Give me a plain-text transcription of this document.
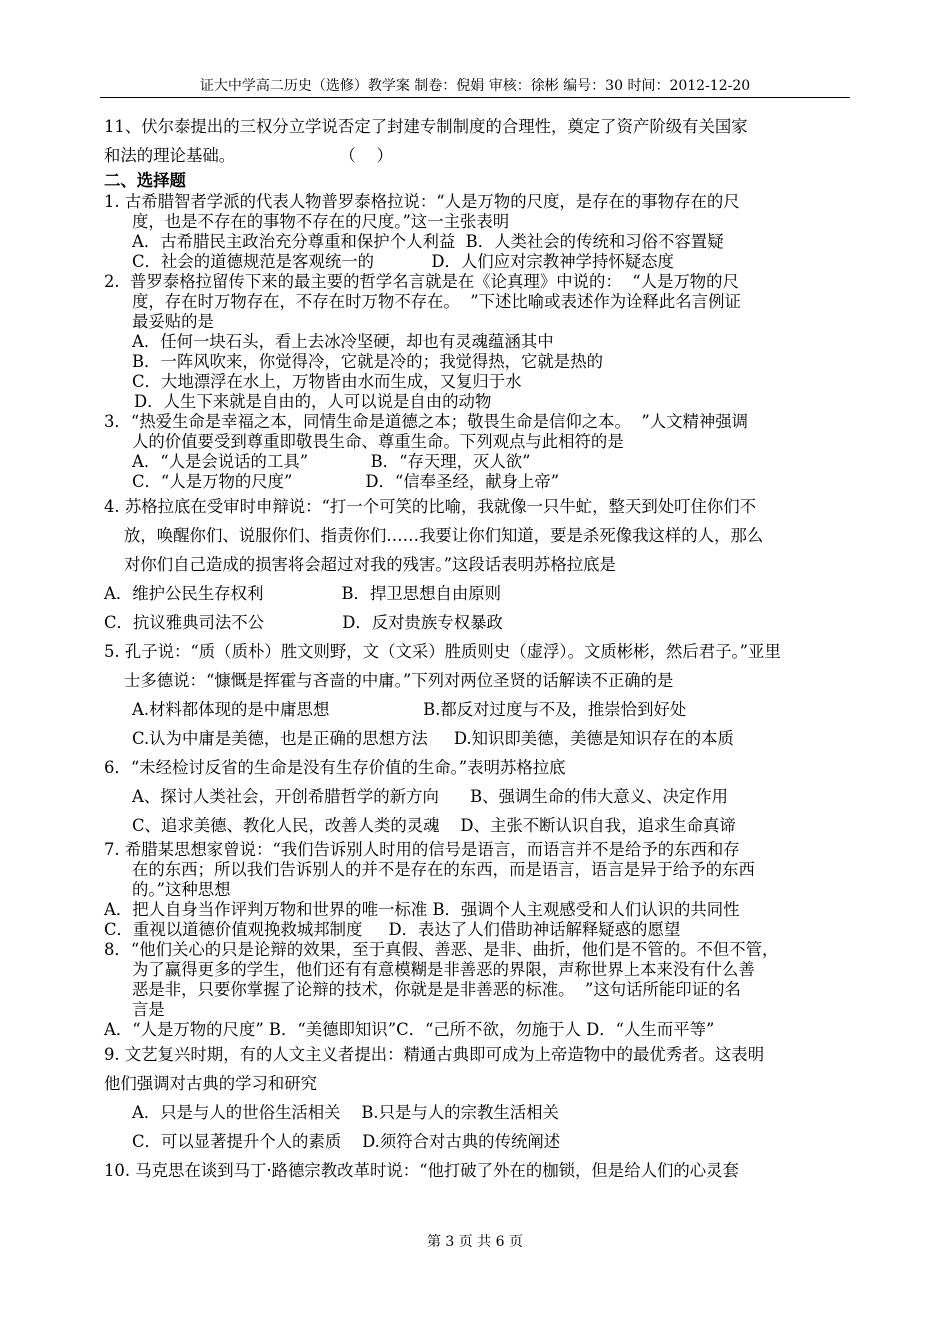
证大中学高二历史（选修）教学案 制卷：倪娟 审核：徐彬 编号：30 时间：2012-12-20
11、伏尔泰提出的三权分立学说否定了封建专制制度的合理性，奠定了资产阶级有关国家
和法的理论基础。                    （    ）
二、选择题
1. 古希腊智者学派的代表人物普罗泰格拉说：“人是万物的尺度，是存在的事物存在的尺
度，也是不存在的事物不存在的尺度。”这一主张表明
A．古希腊民主政治充分尊重和保护个人利益  B．人类社会的传统和习俗不容置疑
C．社会的道德规范是客观统一的           D．人们应对宗教神学持怀疑态度
2.  普罗泰格拉留传下来的最主要的哲学名言就是在《论真理》中说的：  “人是万物的尺
度，存在时万物存在，不存在时万物不存在。  ”下述比喻或表述作为诠释此名言例证
最妥贴的是
A．任何一块石头，看上去冰冷坚硬，却也有灵魂蕴涵其中
B．一阵风吹来，你觉得冷，它就是冷的；我觉得热，它就是热的
C．大地漂浮在水上，万物皆由水而生成，又复归于水
D．人生下来就是自由的，人可以说是自由的动物
3．“热爱生命是幸福之本，同情生命是道德之本；敬畏生命是信仰之本。  ”人文精神强调
人的价值要受到尊重即敬畏生命、尊重生命。下列观点与此相符的是
A．“人是会说话的工具”            B．“存天理，灭人欲”
C．“人是万物的尺度”              D．“信奉圣经，献身上帝”
4. 苏格拉底在受审时申辩说：“打一个可笑的比喻，我就像一只牛虻，整天到处叮住你们不
放，唤醒你们、说服你们、指责你们……我要让你们知道，要是杀死像我这样的人，那么
对你们自己造成的损害将会超过对我的残害。”这段话表明苏格拉底是
A．维护公民生存权利               B．捍卫思想自由原则
C．抗议雅典司法不公               D．反对贵族专权暴政
5. 孔子说：“质（质朴）胜文则野，文（文采）胜质则史（虚浮）。文质彬彬，然后君子。”亚里
士多德说：“慷慨是挥霍与吝啬的中庸。”下列对两位圣贤的话解读不正确的是
A.材料都体现的是中庸思想                  B.都反对过度与不及，推崇恰到好处
C.认为中庸是美德，也是正确的思想方法     D.知识即美德，美德是知识存在的本质
6．“未经检讨反省的生命是没有生存价值的生命。”表明苏格拉底
A、探讨人类社会，开创希腊哲学的新方向      B、强调生命的伟大意义、决定作用
C、追求美德、教化人民，改善人类的灵魂    D、主张不断认识自我，追求生命真谛
7. 希腊某思想家曾说：“我们告诉别人时用的信号是语言，而语言并不是给予的东西和存
在的东西；所以我们告诉别人的并不是存在的东西，而是语言，语言是异于给予的东西
的。”这种思想
A．把人自身当作评判万物和世界的唯一标准 B．强调个人主观感受和人们认识的共同性
C．重视以道德价值观挽救城邦制度     D．表达了人们借助神话解释疑惑的愿望
8．“他们关心的只是论辩的效果，至于真假、善恶、是非、曲折，他们是不管的。不但不管，
为了赢得更多的学生，他们还有有意模糊是非善恶的界限，声称世界上本来没有什么善
恶是非，只要你掌握了论辩的技术，你就是是非善恶的标准。  ”这句话所能印证的名
言是
A．“人是万物的尺度” B．“美德即知识”C．“己所不欲，勿施于人 D．“人生而平等”
9. 文艺复兴时期，有的人文主义者提出：精通古典即可成为上帝造物中的最优秀者。这表明
他们强调对古典的学习和研究
A．只是与人的世俗生活相关    B.只是与人的宗教生活相关
C．可以显著提升个人的素质    D.须符合对古典的传统阐述
10. 马克思在谈到马丁·路德宗教改革时说：“他打破了外在的枷锁，但是给人们的心灵套
第 3 页 共 6 页
